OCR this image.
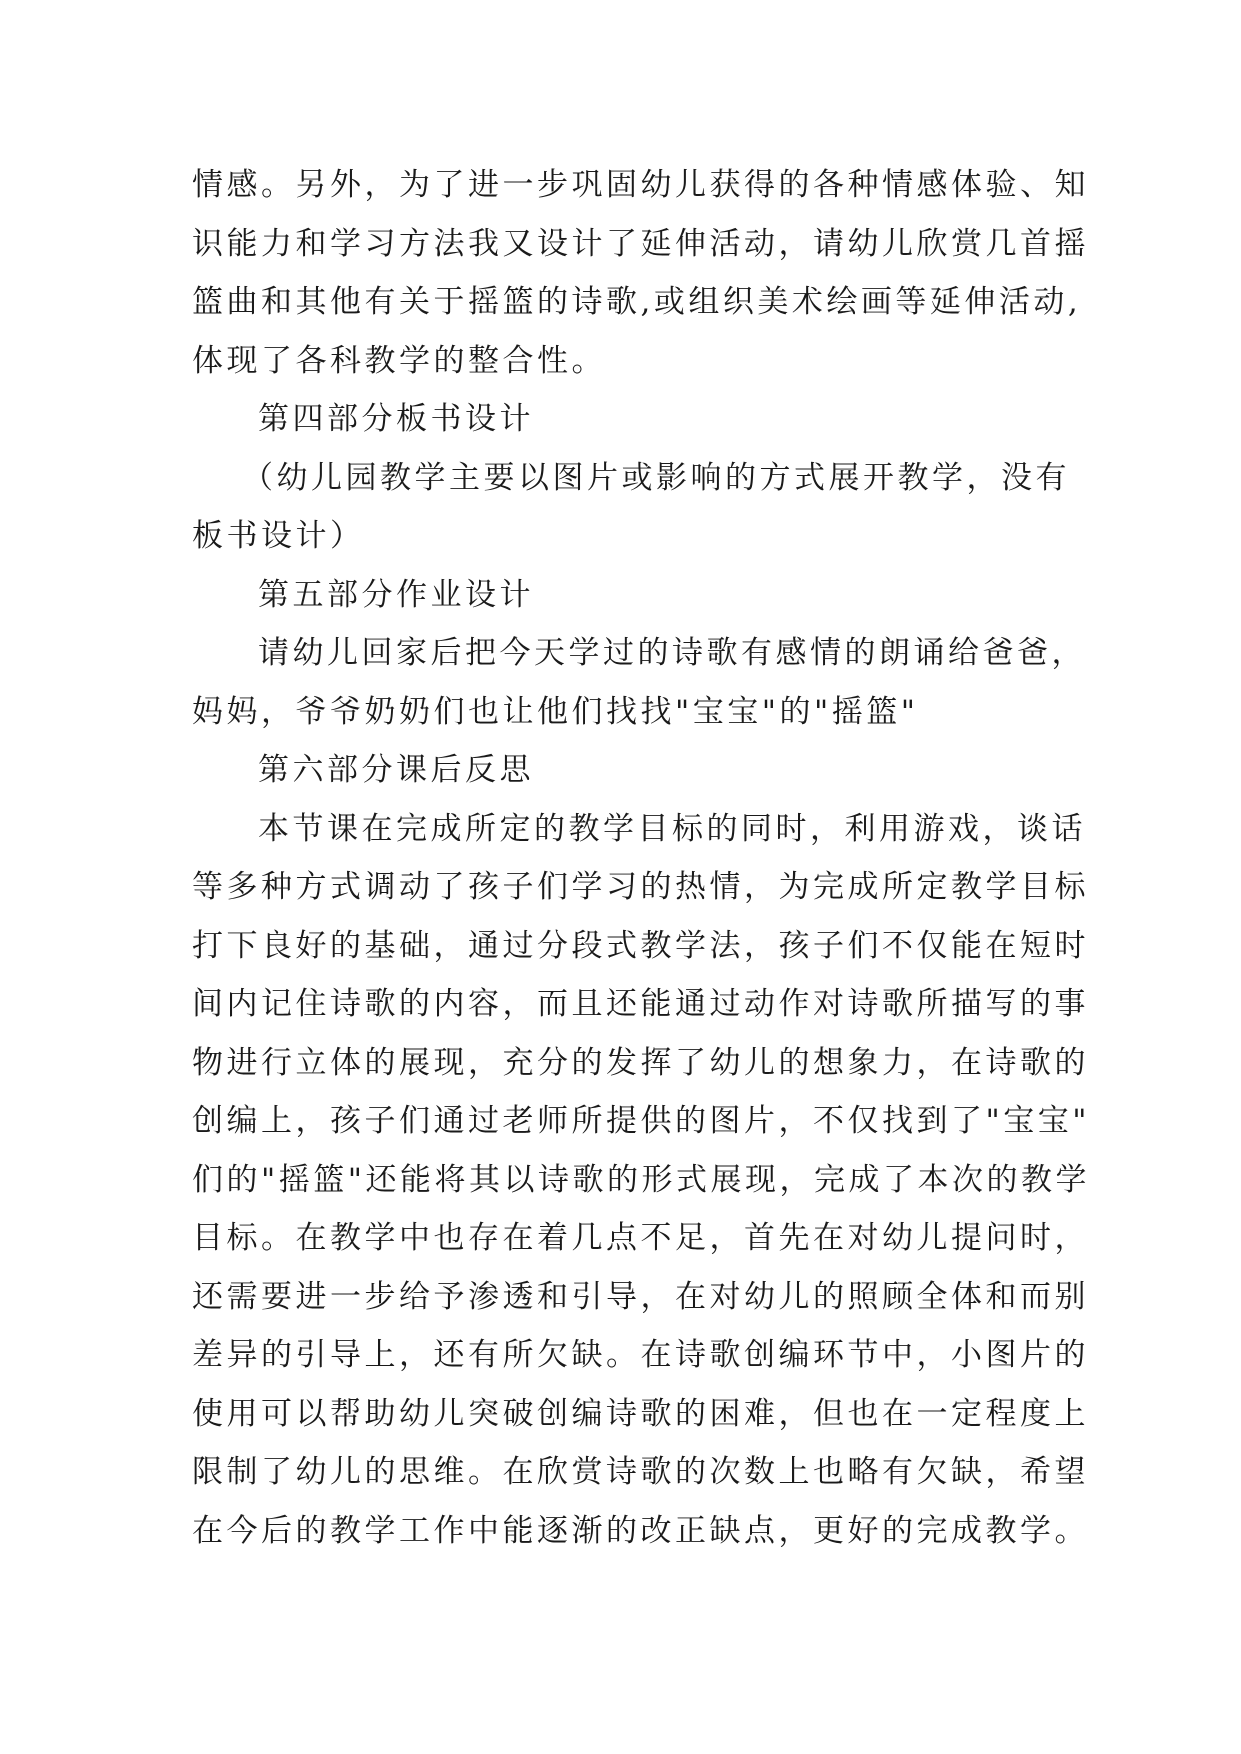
情感。另外，为了进一步巩固幼儿获得的各种情感体验、知
识能力和学习方法我又设计了延伸活动，请幼儿欣赏几首摇
篮曲和其他有关于摇篮的诗歌,或组织美术绘画等延伸活动,
体现了各科教学的整合性。
第四部分板书设计
（幼儿园教学主要以图片或影响的方式展开教学，没有
板书设计）
第五部分作业设计
请幼儿回家后把今天学过的诗歌有感情的朗诵给爸爸，
妈妈，爷爷奶奶们也让他们找找"宝宝"的"摇篮"
第六部分课后反思
本节课在完成所定的教学目标的同时，利用游戏，谈话
等多种方式调动了孩子们学习的热情，为完成所定教学目标
打下良好的基础，通过分段式教学法，孩子们不仅能在短时
间内记住诗歌的内容，而且还能通过动作对诗歌所描写的事
物进行立体的展现，充分的发挥了幼儿的想象力，在诗歌的
创编上，孩子们通过老师所提供的图片，不仅找到了"宝宝"
们的"摇篮"还能将其以诗歌的形式展现，完成了本次的教学
目标。在教学中也存在着几点不足，首先在对幼儿提问时，
还需要进一步给予渗透和引导，在对幼儿的照顾全体和而别
差异的引导上，还有所欠缺。在诗歌创编环节中，小图片的
使用可以帮助幼儿突破创编诗歌的困难，但也在一定程度上
限制了幼儿的思维。在欣赏诗歌的次数上也略有欠缺，希望
在今后的教学工作中能逐渐的改正缺点，更好的完成教学。
